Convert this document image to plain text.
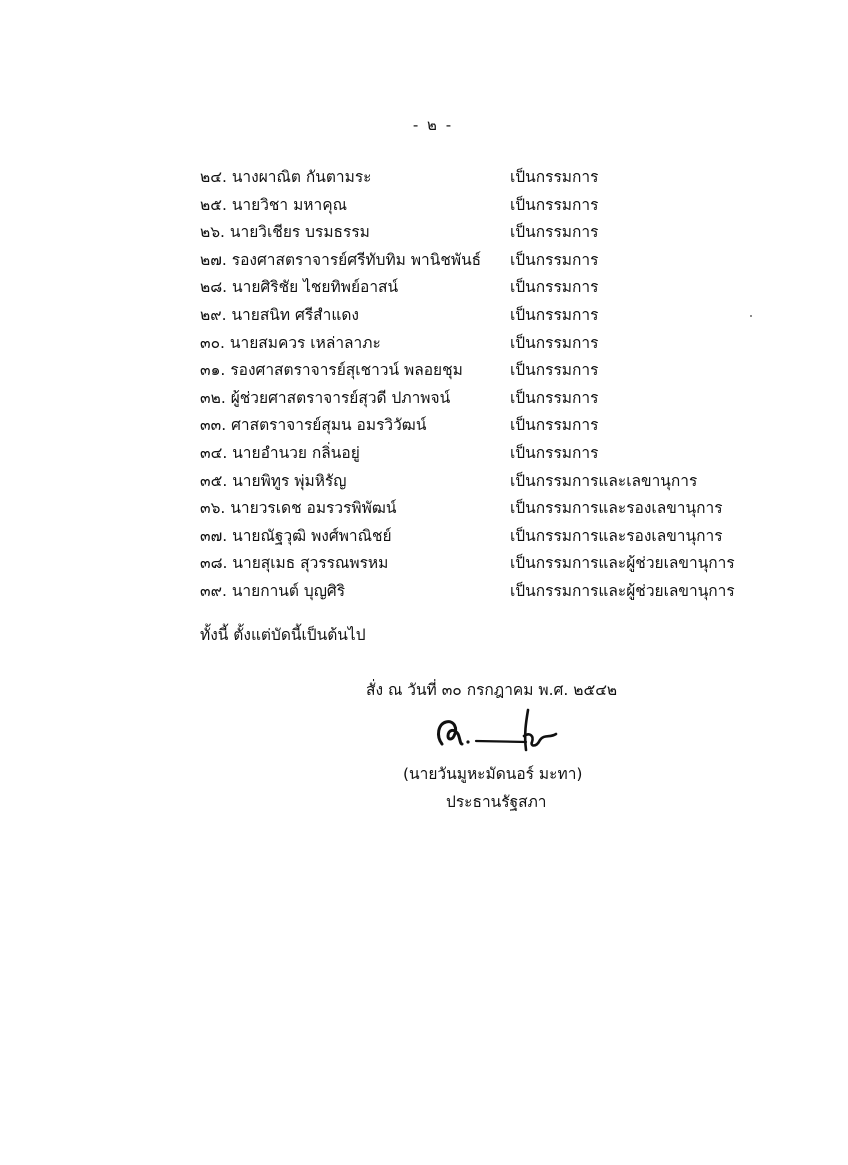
- ๒ -
๒๔. นางผาณิต กันตามระ	เป็นกรรมการ
๒๕. นายวิชา มหาคุณ	เป็นกรรมการ
๒๖. นายวิเชียร บรมธรรม	เป็นกรรมการ
๒๗. รองศาสตราจารย์ศรีทับทิม พานิชพันธ์ เป็นกรรมการ
๒๘. นายศิริชัย ไชยทิพย์อาสน์	เป็นกรรมการ
๒๙. นายสนิท ศรีสำแดง	เป็นกรรมการ
๓๐. นายสมควร เหล่าลาภะ	เป็นกรรมการ
๓๑. รองศาสตราจารย์สุเชาวน์ พลอยชุม	เป็นกรรมการ
๓๒. ผู้ช่วยศาสตราจารย์สุวดี ปภาพจน์	เป็นกรรมการ
๓๓. ศาสตราจารย์สุมน อมรวิวัฒน์	เป็นกรรมการ
๓๔. นายอำนวย กลิ่นอยู่	เป็นกรรมการ
๓๕. นายพิทูร พุ่มหิรัญ	เป็นกรรมการและเลขานุการ
๓๖. นายวรเดช อมรวรพิพัฒน์	เป็นกรรมการและรองเลขานุการ
๓๗. นายณัฐวุฒิ พงศ์พาณิชย์	เป็นกรรมการและรองเลขานุการ
๓๘. นายสุเมธ สุวรรณพรหม	เป็นกรรมการและผู้ช่วยเลขานุการ
๓๙. นายกานต์ บุญศิริ	เป็นกรรมการและผู้ช่วยเลขานุการ
ทั้งนี้ ตั้งแต่บัดนี้เป็นต้นไป
สั่ง ณ วันที่ ๓๐ กรกฎาคม พ.ศ. ๒๕๔๒
(นายวันมูหะมัดนอร์ มะทา)
ประธานรัฐสภา
